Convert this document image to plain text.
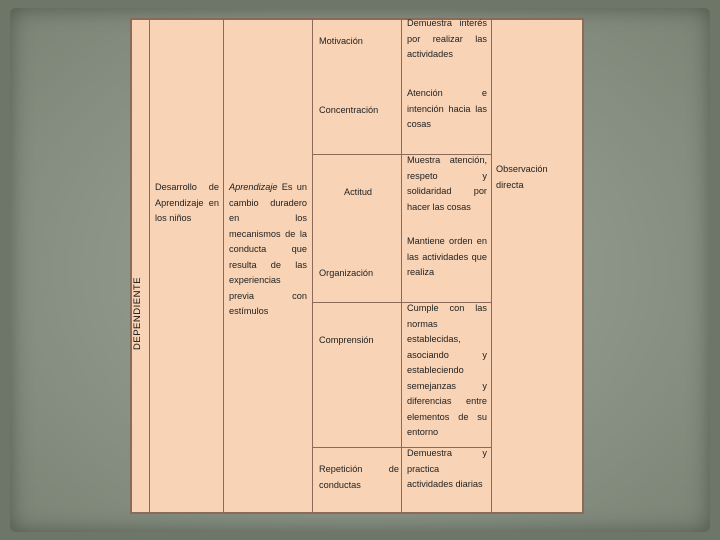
DEPENDIENTE
Desarrollo de Aprendizaje en los niños
Aprendizaje Es un cambio duradero en los mecanismos de la conducta que resulta de las experiencias previa con estímulos
Actitud
Motivación
Concentración
Organización
Comprensión
Repetición de conductas
Demuestra interés por realizar las actividades
Atención e intención hacia las cosas
Muestra atención, respeto y solidaridad por hacer las cosas
Mantiene orden en las actividades que realiza
Cumple con las normas establecidas, asociando y estableciendo semejanzas y diferencias entre elementos de su entorno
Demuestra y practica actividades diarias
Observación directa
